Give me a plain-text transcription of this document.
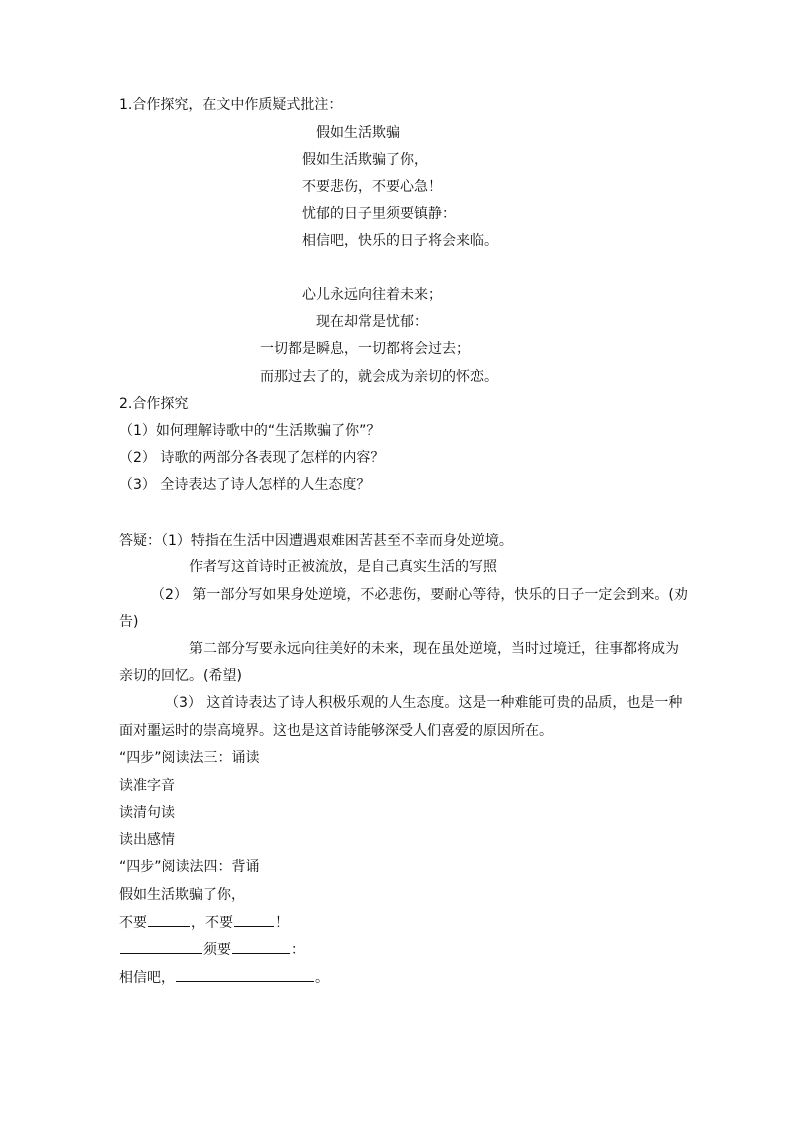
1.合作探究，在文中作质疑式批注：
假如生活欺骗
假如生活欺骗了你，
不要悲伤，不要心急！
忧郁的日子里须要镇静：
相信吧，快乐的日子将会来临。
心儿永远向往着未来；
现在却常是忧郁：
一切都是瞬息，一切都将会过去；
而那过去了的，就会成为亲切的怀恋。
2.合作探究
（1）如何理解诗歌中的“生活欺骗了你”？
（2） 诗歌的两部分各表现了怎样的内容？
（3） 全诗表达了诗人怎样的人生态度？
答疑：（1）特指在生活中因遭遇艰难困苦甚至不幸而身处逆境。
作者写这首诗时正被流放，是自己真实生活的写照
（2） 第一部分写如果身处逆境，不必悲伤，要耐心等待，快乐的日子一定会到来。(劝
告)
第二部分写要永远向往美好的未来，现在虽处逆境，当时过境迁，往事都将成为
亲切的回忆。(希望)
（3） 这首诗表达了诗人积极乐观的人生态度。这是一种难能可贵的品质，也是一种
面对噩运时的崇高境界。这也是这首诗能够深受人们喜爱的原因所在。
“四步”阅读法三：诵读
读准字音
读清句读
读出感情
“四步”阅读法四：背诵
假如生活欺骗了你，
不要	，不要	！
须要	：
相信吧，	。
